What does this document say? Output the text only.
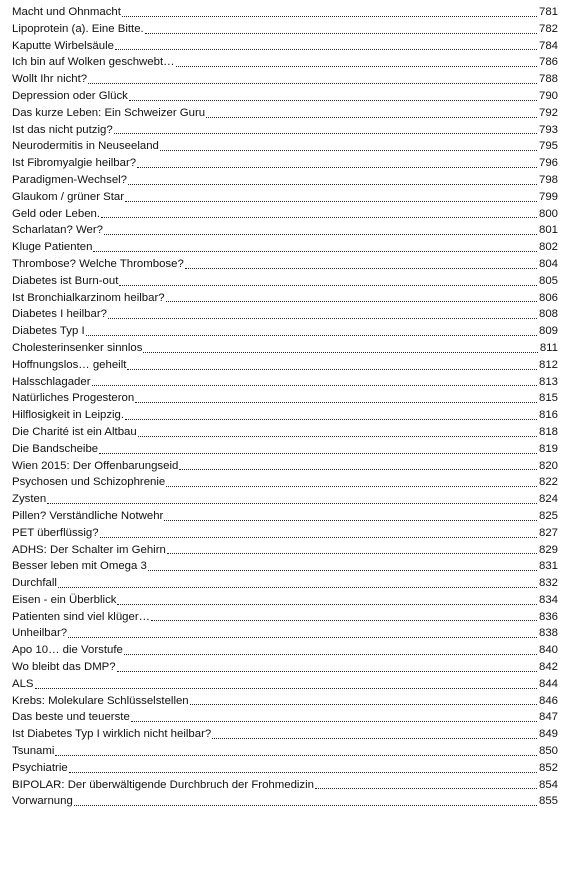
Macht und Ohnmacht	781
Lipoprotein (a). Eine Bitte.	782
Kaputte Wirbelsäule	784
Ich bin auf Wolken geschwebt…	786
Wollt Ihr nicht?	788
Depression oder Glück	790
Das kurze Leben: Ein Schweizer Guru	792
Ist das nicht putzig?	793
Neurodermitis in Neuseeland	795
Ist Fibromyalgie heilbar?	796
Paradigmen-Wechsel?	798
Glaukom / grüner Star	799
Geld oder Leben.	800
Scharlatan? Wer?	801
Kluge Patienten	802
Thrombose? Welche Thrombose?	804
Diabetes ist Burn-out	805
Ist Bronchialkarzinom heilbar?	806
Diabetes I heilbar?	808
Diabetes Typ I	809
Cholesterinsenker sinnlos	811
Hoffnungslos… geheilt	812
Halsschlagader	813
Natürliches Progesteron	815
Hilflosigkeit in Leipzig.	816
Die Charité ist ein Altbau	818
Die Bandscheibe	819
Wien 2015: Der Offenbarungseid	820
Psychosen und Schizophrenie	822
Zysten	824
Pillen? Verständliche Notwehr	825
PET überflüssig?	827
ADHS: Der Schalter im Gehirn	829
Besser leben mit Omega 3	831
Durchfall	832
Eisen - ein Überblick	834
Patienten sind viel klüger…	836
Unheilbar?	838
Apo 10… die Vorstufe	840
Wo bleibt das DMP?	842
ALS	844
Krebs: Molekulare Schlüsselstellen	846
Das beste und teuerste	847
Ist Diabetes Typ I wirklich nicht heilbar?	849
Tsunami	850
Psychiatrie	852
BIPOLAR: Der überwältigende Durchbruch der Frohmedizin	854
Vorwarnung	855
